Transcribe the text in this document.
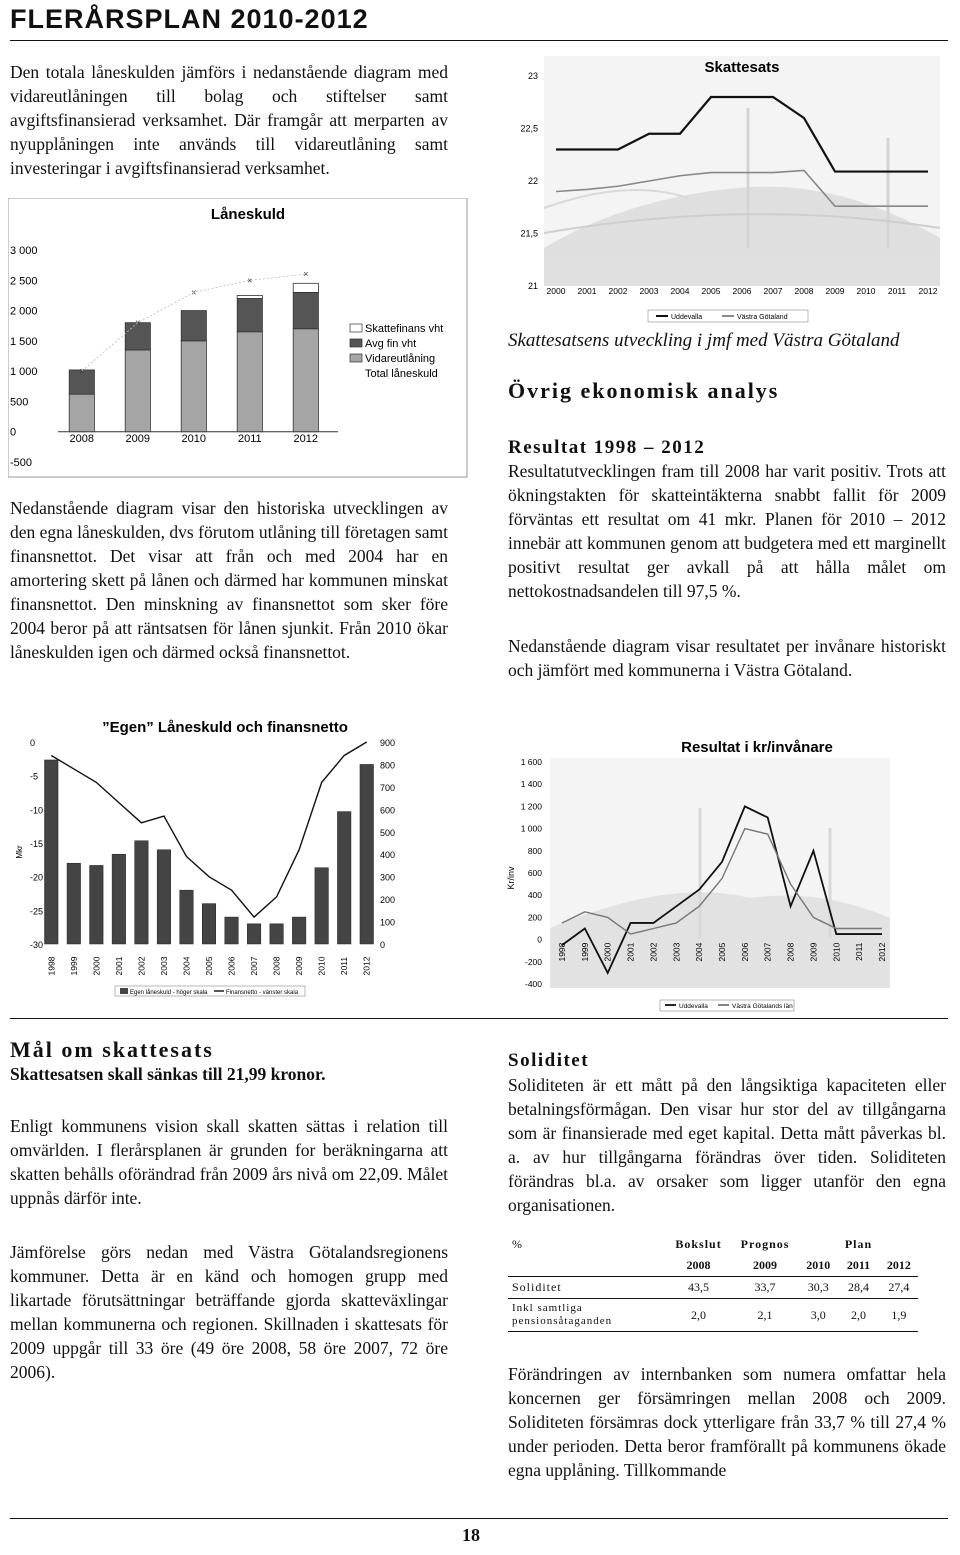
FLERÅRSPLAN 2010-2012
Den totala låneskulden jämförs i nedanstående diagram med vidareutlåningen till bolag och stiftelser samt avgiftsfinansierad verksamhet. Där framgår att merparten av nyupplåningen inte används till vidareutlåning samt investeringar i avgiftsfinansierad verksamhet.
Låneskuld
3 000
2 500
2 000
1 500
1 000
500
0
-500
×
×
×
×
×
2008	2009	2010	2011	2012
Skattefinans vht
Avg fin vht
Vidareutlåning
Total låneskuld
Nedanstående diagram visar den historiska utvecklingen av den egna låneskulden, dvs förutom utlåning till företagen samt finansnettot. Det visar att från och med 2004 har en amortering skett på lånen och därmed har kommunen minskat finansnettot. Den minskning av finansnettot som sker före 2004 beror på att räntsatsen för lånen sjunkit. Från 2010 ökar låneskulden igen och därmed också finansnettot.
”Egen” Låneskuld och finansnetto
Mkr
0
-5
-10
-15
-20
-25
-30
900
800
700
600
500
400
300
200
100
0
1998 1999 2000 2001 2002 2003 2004 2005 2006 2007 2008 2009 2010 2011 2012
Egen låneskuld - höger skala	Finansnetto - vänster skala
Mål om skattesats
Skattesatsen skall sänkas till 21,99 kronor.
Enligt kommunens vision skall skatten sättas i relation till omvärlden. I flerårsplanen är grunden for beräkningarna att skatten behålls oförändrad från 2009 års nivå om 22,09. Målet uppnås därför inte.
Jämförelse görs nedan med Västra Götalandsregionens kommuner. Detta är en känd och homogen grupp med likartade förutsättningar beträffande gjorda skatteväxlingar mellan kommunerna och regionen. Skillnaden i skattesats för 2009 uppgår till 33 öre (49 öre 2008, 58 öre 2007, 72 öre 2006).
Skattesats
23
22,5
22
21,5
21 2000 2001 2002 2003 2004 2005 2006 2007 2008 2009 2010 2011 2012
Uddevalla	Västra Götaland
Skattesatsens utveckling i jmf med Västra Götaland
Övrig ekonomisk analys
Resultat 1998 – 2012
Resultatutvecklingen fram till 2008 har varit positiv. Trots att ökningstakten för skatteintäkterna snabbt fallit för 2009 förväntas ett resultat om 41 mkr. Planen för 2010 – 2012 innebär att kommunen genom att budgetera med ett marginellt positivt resultat ger avkall på att hålla målet om nettokostnadsandelen till 97,5 %.
Nedanstående diagram visar resultatet per invånare historiskt och jämfört med kommunerna i Västra Götaland.
Resultat i kr/invånare
Kr/inv
1 600
1 400
1 200
1 000
800
600
400
200
0
-200
-400
1998 1999 2000 2001 2002 2003 2004 2005 2006 2007 2008 2009 2010 2011 2012
Uddevalla	Västra Götalands län
Soliditet
Soliditeten är ett mått på den långsiktiga kapaciteten eller betalningsförmågan. Den visar hur stor del av tillgångarna som är finansierade med eget kapital. Detta mått påverkas bl. a. av hur tillgångarna förändras över tiden. Soliditeten förändras bl.a. av orsaker som ligger utanför den egna organisationen.
%	Bokslut	Prognos		Plan	
	2008	2009	2010	2011	2012
Soliditet	43,5	33,7	30,3	28,4	27,4
Inkl samtliga pensionsåtaganden	2,0	2,1	3,0	2,0	1,9
Förändringen av internbanken som numera omfattar hela koncernen ger försämringen mellan 2008 och 2009. Soliditeten försämras dock ytterligare från 33,7 % till 27,4 % under perioden. Detta beror framförallt på kommunens ökade egna upplåning. Tillkommande
18
